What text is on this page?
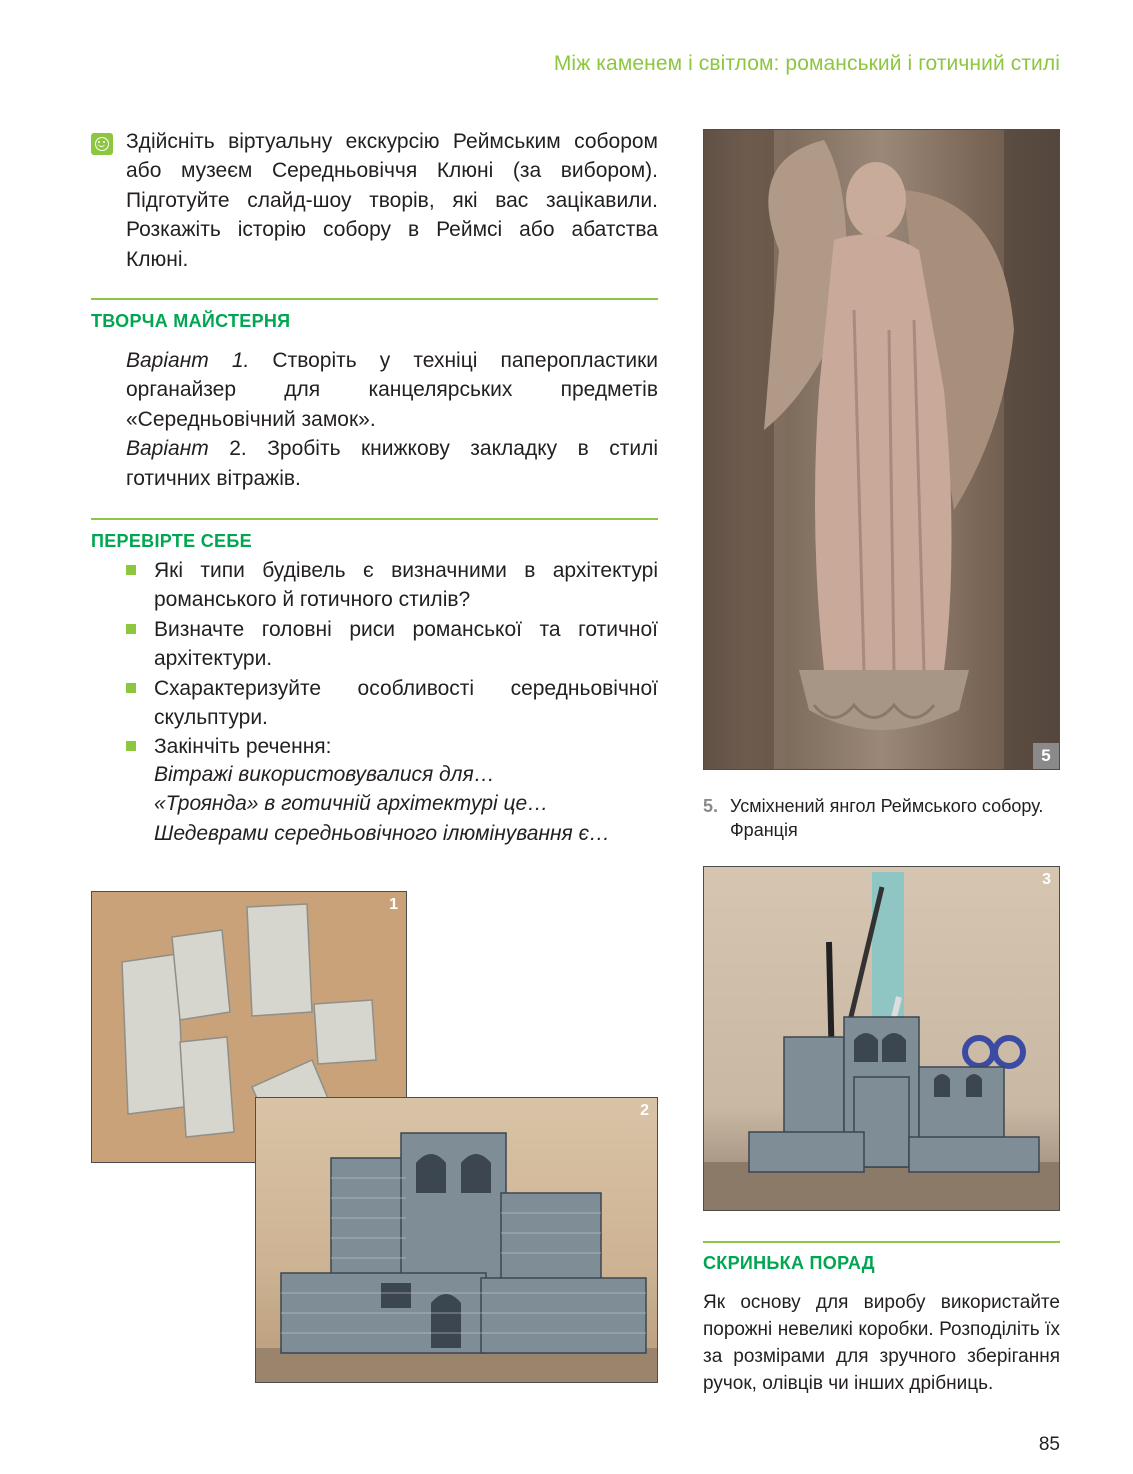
Між каменем і світлом: романський і готичний стилі
Здійсніть віртуальну екскурсію Реймським собором або музеєм Середньовіччя Клюні (за вибором). Підготуйте слайд-шоу творів, які вас зацікавили. Розкажіть історію собору в Реймсі або абатства Клюні.
ТВОРЧА МАЙСТЕРНЯ

Варіант 1. Створіть у техніці паперопластики органайзер для канцелярських предметів «Середньовічний замок».

Варіант 2. Зробіть книжкову закладку в стилі готичних вітражів.

ПЕРЕВІРТЕ СЕБЕ
Які типи будівель є визначними в архітектурі романського й готичного стилів?
Визначте головні риси романської та готичної архітектури.
Схарактеризуйте особливості середньовічної скульптури.
Закінчіть речення:
Вітражі використовувалися для…
«Троянда» в готичній архітектурі це…
Шедеврами середньовічного ілюмінування є…
5
5. Усміхнений янгол Реймського собору. Франція
1
2
3
СКРИНЬКА ПОРАД
Як основу для виробу використайте порожні невеликі коробки. Розподіліть їх за розмірами для зручного зберігання ручок, олівців чи інших дрібниць.
85
